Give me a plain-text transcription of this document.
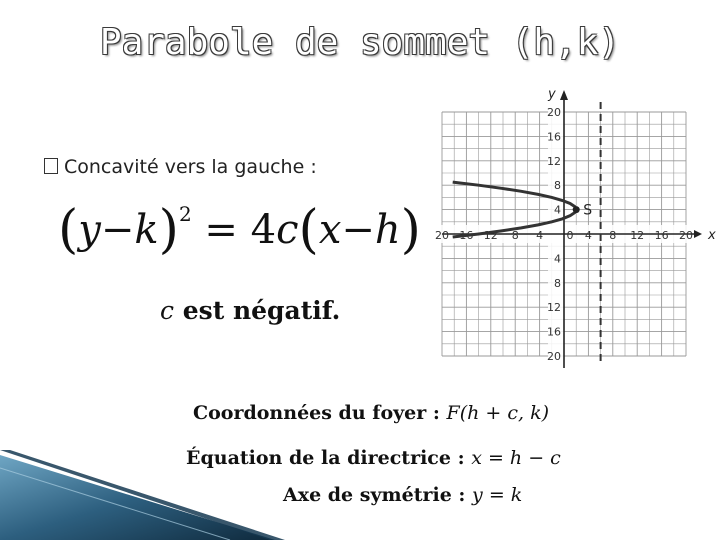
Parabole de sommet (h,k)
Concavité vers la gauche :
$(y-k)^2 = 4c(x-h)$
c est négatif.
x
y
20 16 12 8 4 0 4 8 12 16 20
20
16
12
8
4
4
8
12
16
20
S
Coordonnées du foyer : F(h + c, k)
Équation de la directrice : x = h − c
Axe de symétrie : y = k
